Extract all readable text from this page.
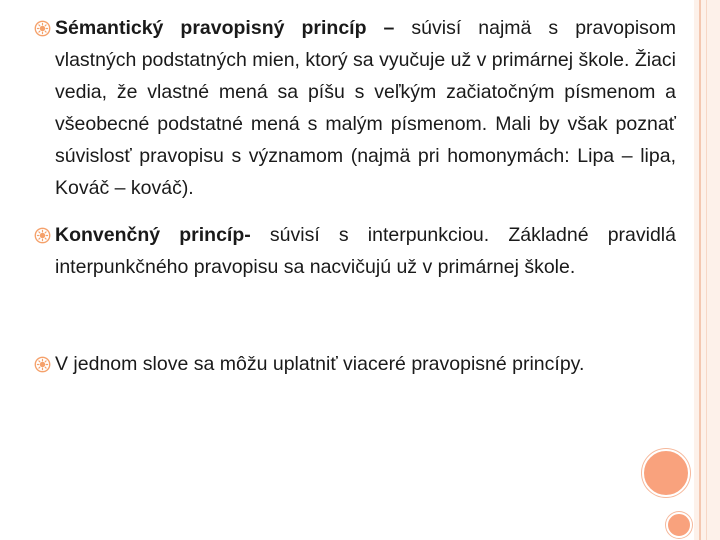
Sémantický pravopisný princíp – súvisí najmä s pravopisom vlastných podstatných mien, ktorý sa vyučuje už v primárnej škole. Žiaci vedia, že vlastné mená sa píšu s veľkým začiatočným písmenom a všeobecné podstatné mená s malým písmenom. Mali by však poznať súvislosť pravopisu s významom (najmä pri homonymách: Lipa – lipa, Kováč – kováč).

Konvenčný princíp- súvisí s interpunkciou. Základné pravidlá interpunkčného pravopisu sa nacvičujú už v primárnej škole.

V jednom slove sa môžu uplatniť viaceré pravopisné princípy.
